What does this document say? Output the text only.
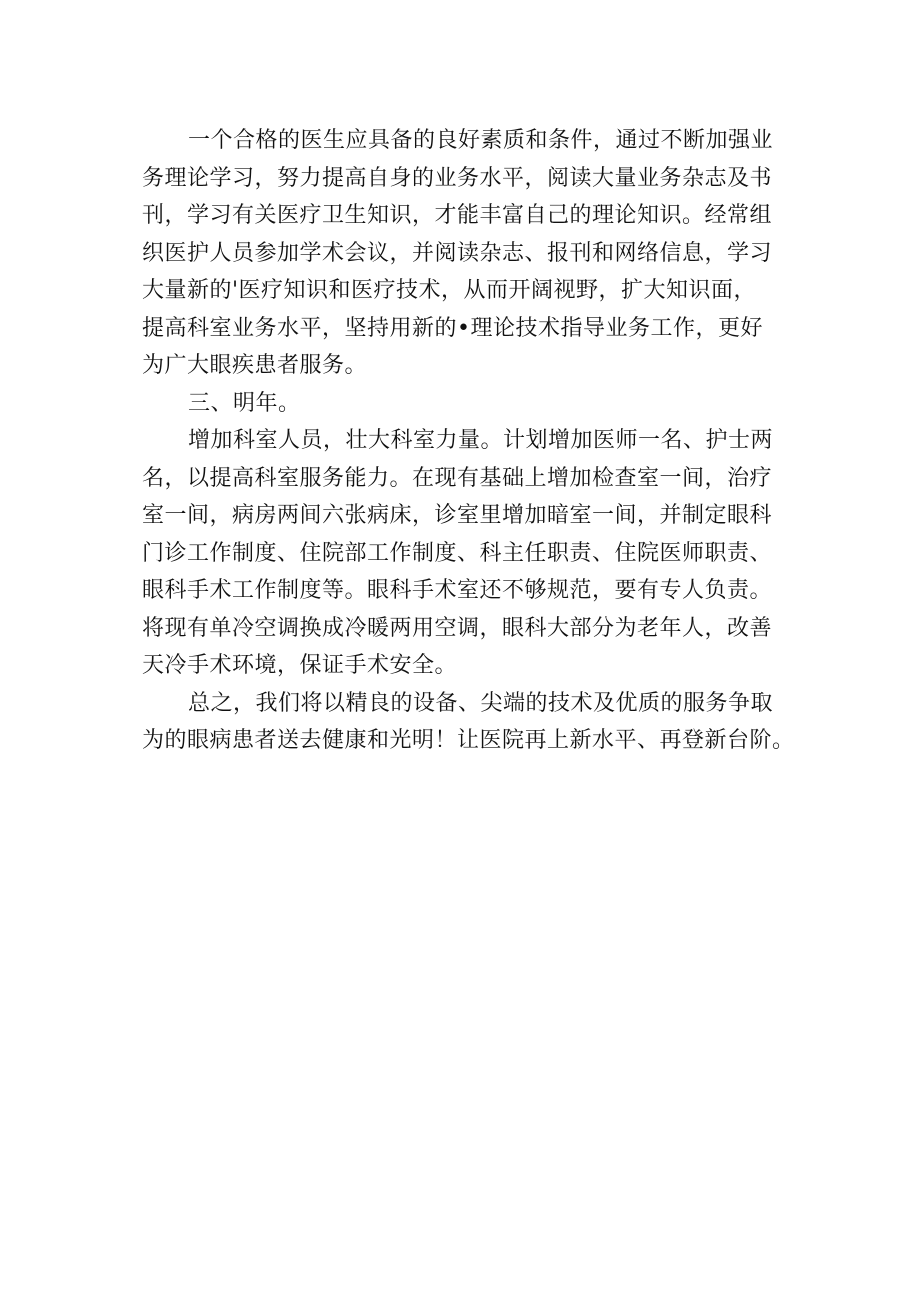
一个合格的医生应具备的良好素质和条件，通过不断加强业
务理论学习，努力提高自身的业务水平，阅读大量业务杂志及书
刊，学习有关医疗卫生知识，才能丰富自己的理论知识。经常组
织医护人员参加学术会议，并阅读杂志、报刊和网络信息，学习
大量新的'医疗知识和医疗技术，从而开阔视野，扩大知识面，
提高科室业务水平，坚持用新的•理论技术指导业务工作，更好
为广大眼疾患者服务。
三、明年。
增加科室人员，壮大科室力量。计划增加医师一名、护士两
名，以提高科室服务能力。在现有基础上增加检查室一间，治疗
室一间，病房两间六张病床，诊室里增加暗室一间，并制定眼科
门诊工作制度、住院部工作制度、科主任职责、住院医师职责、
眼科手术工作制度等。眼科手术室还不够规范，要有专人负责。
将现有单冷空调换成冷暖两用空调，眼科大部分为老年人，改善
天冷手术环境，保证手术安全。
总之，我们将以精良的设备、尖端的技术及优质的服务争取
为的眼病患者送去健康和光明！让医院再上新水平、再登新台阶。
